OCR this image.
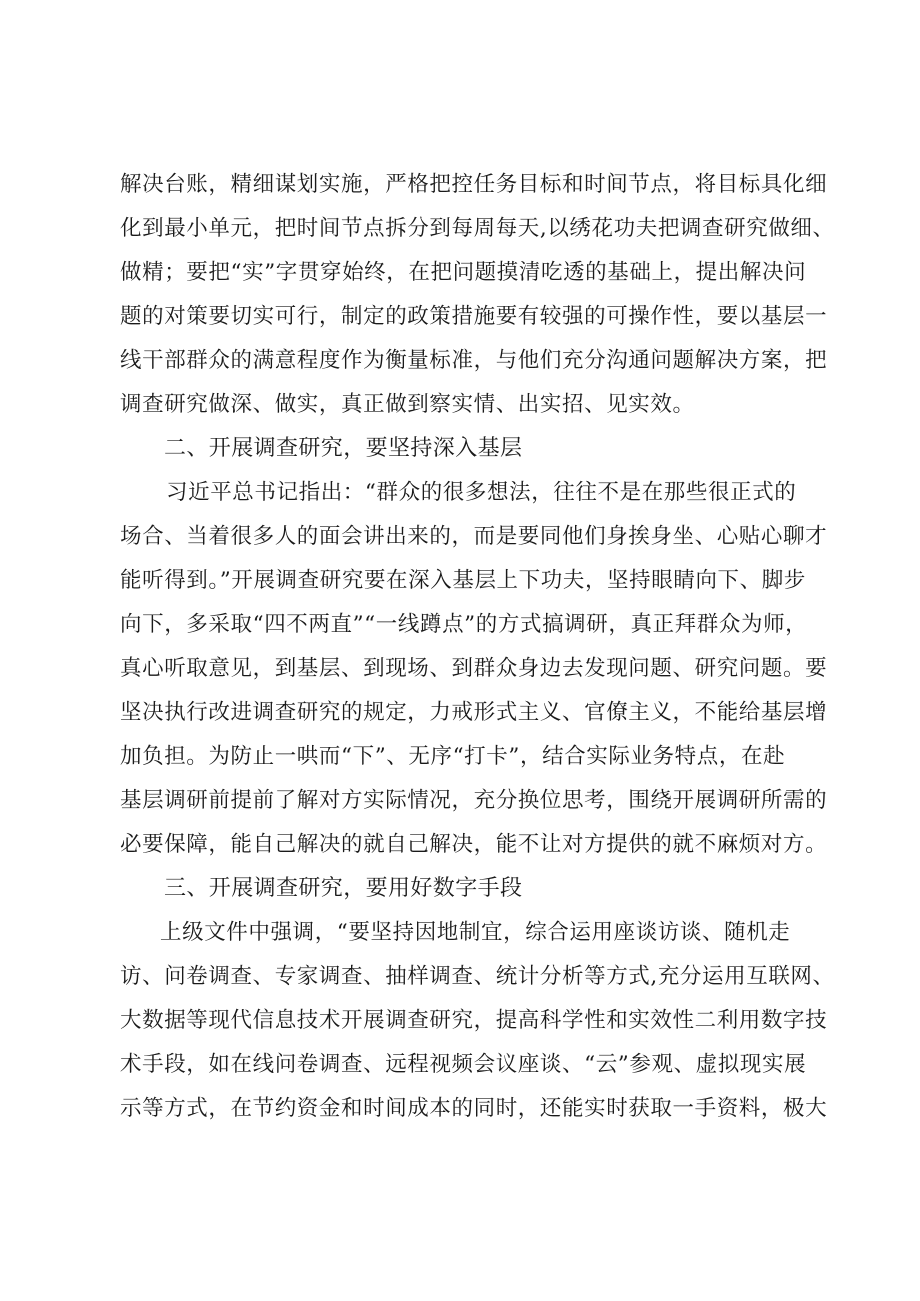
解决台账，精细谋划实施，严格把控任务目标和时间节点，将目标具化细
化到最小单元，把时间节点拆分到每周每天,以绣花功夫把调查研究做细、
做精；要把“实”字贯穿始终，在把问题摸清吃透的基础上，提出解决问
题的对策要切实可行，制定的政策措施要有较强的可操作性，要以基层一
线干部群众的满意程度作为衡量标准，与他们充分沟通问题解决方案，把
调查研究做深、做实，真正做到察实情、出实招、见实效。
二、开展调查研究，要坚持深入基层
习近平总书记指出：“群众的很多想法，往往不是在那些很正式的
场合、当着很多人的面会讲出来的，而是要同他们身挨身坐、心贴心聊才
能听得到。”开展调查研究要在深入基层上下功夫，坚持眼睛向下、脚步
向下，多采取“四不两直”“一线蹲点”的方式搞调研，真正拜群众为师，
真心听取意见，到基层、到现场、到群众身边去发现问题、研究问题。要
坚决执行改进调查研究的规定，力戒形式主义、官僚主义，不能给基层增
加负担。为防止一哄而“下”、无序“打卡”，结合实际业务特点，在赴
基层调研前提前了解对方实际情况，充分换位思考，围绕开展调研所需的
必要保障，能自己解决的就自己解决，能不让对方提供的就不麻烦对方。
三、开展调查研究，要用好数字手段
上级文件中强调，“要坚持因地制宜，综合运用座谈访谈、随机走
访、问卷调查、专家调查、抽样调查、统计分析等方式,充分运用互联网、
大数据等现代信息技术开展调查研究，提高科学性和实效性二利用数字技
术手段，如在线问卷调查、远程视频会议座谈、“云”参观、虚拟现实展
示等方式，在节约资金和时间成本的同时，还能实时获取一手资料，极大
